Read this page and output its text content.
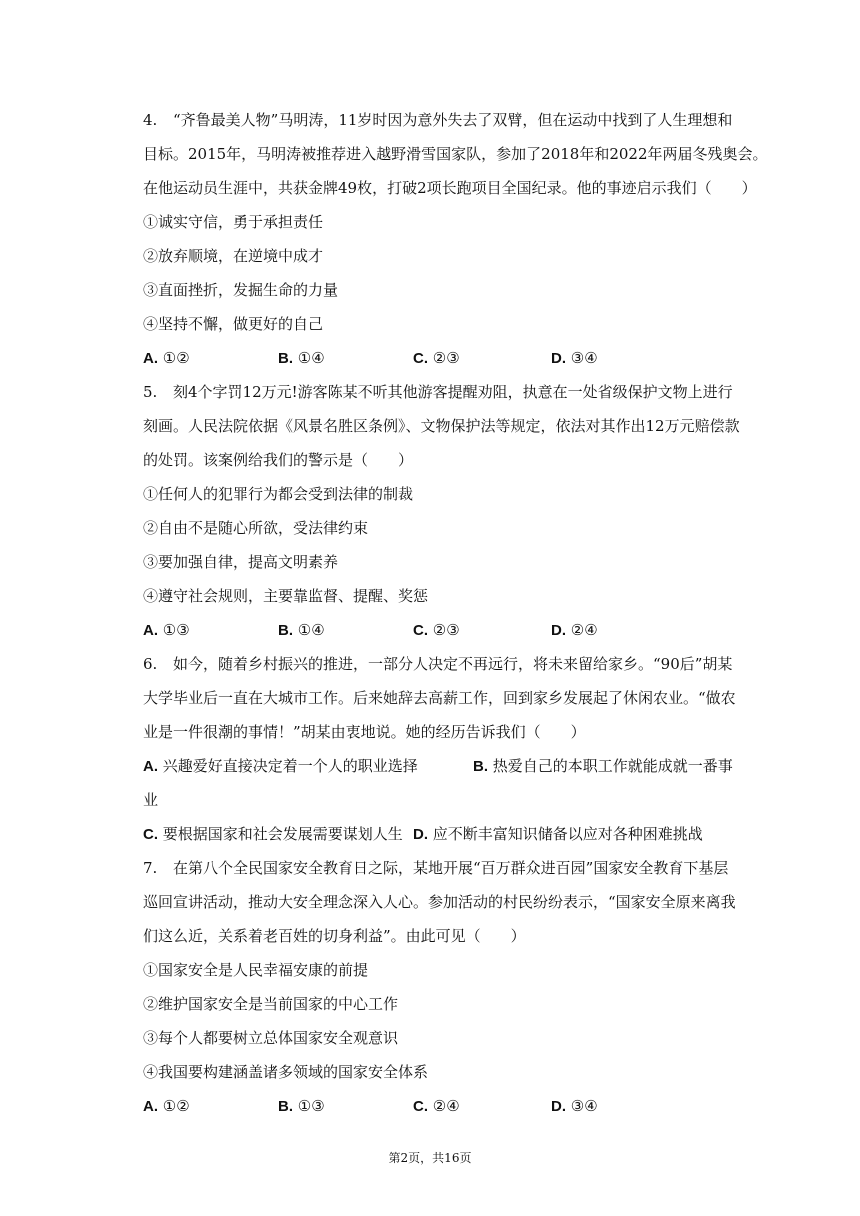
4. “齐鲁最美人物”马明涛，11岁时因为意外失去了双臂，但在运动中找到了人生理想和
目标。2015年，马明涛被推荐进入越野滑雪国家队，参加了2018年和2022年两届冬残奥会。
在他运动员生涯中，共获金牌49枚，打破2项长跑项目全国纪录。他的事迹启示我们（　　）
①诚实守信，勇于承担责任
②放弃顺境，在逆境中成才
③直面挫折，发掘生命的力量
④坚持不懈，做更好的自己
A. ①②	B. ①④	C. ②③	D. ③④
5. 刻4个字罚12万元!游客陈某不听其他游客提醒劝阻，执意在一处省级保护文物上进行
刻画。人民法院依据《风景名胜区条例》、文物保护法等规定，依法对其作出12万元赔偿款
的处罚。该案例给我们的警示是（　　）
①任何人的犯罪行为都会受到法律的制裁
②自由不是随心所欲，受法律约束
③要加强自律，提高文明素养
④遵守社会规则，主要靠监督、提醒、奖惩
A. ①③	B. ①④	C. ②③	D. ②④
6. 如今，随着乡村振兴的推进，一部分人决定不再远行，将未来留给家乡。“90后”胡某
大学毕业后一直在大城市工作。后来她辞去高薪工作，回到家乡发展起了休闲农业。“做农
业是一件很潮的事情！”胡某由衷地说。她的经历告诉我们（　　）
A. 兴趣爱好直接决定着一个人的职业选择	B. 热爱自己的本职工作就能成就一番事
业
C. 要根据国家和社会发展需要谋划人生 D. 应不断丰富知识储备以应对各种困难挑战
7. 在第八个全民国家安全教育日之际，某地开展“百万群众进百园”国家安全教育下基层
巡回宣讲活动，推动大安全理念深入人心。参加活动的村民纷纷表示，“国家安全原来离我
们这么近，关系着老百姓的切身利益”。由此可见（　　）
①国家安全是人民幸福安康的前提
②维护国家安全是当前国家的中心工作
③每个人都要树立总体国家安全观意识
④我国要构建涵盖诸多领域的国家安全体系
A. ①②	B. ①③	C. ②④	D. ③④
第2页，共16页
